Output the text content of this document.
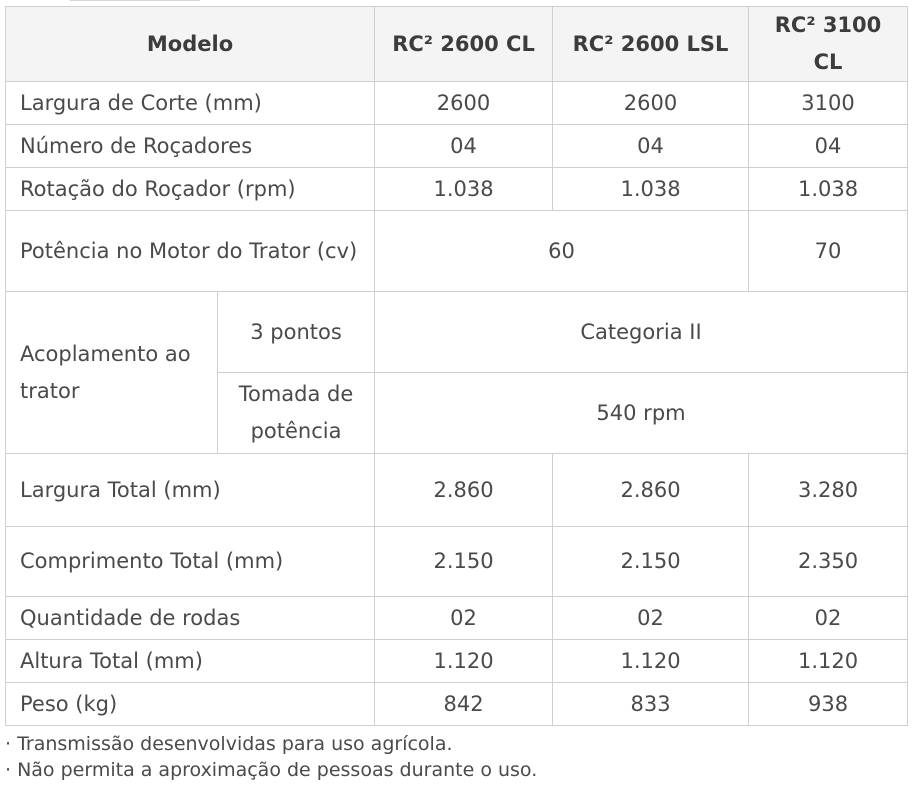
Modelo		RC² 2600 CL	RC² 2600 LSL	RC² 3100 CL
Largura de Corte (mm)		2600	2600	3100
Número de Roçadores		04	04	04
Rotação do Roçador (rpm)		1.038	1.038	1.038
Potência no Motor do Trator (cv)		60		70
Acoplamento ao trator	3 pontos	Categoria II		
	Tomada de potência	540 rpm		
Largura Total (mm)		2.860	2.860	3.280
Comprimento Total (mm)		2.150	2.150	2.350
Quantidade de rodas		02	02	02
Altura Total (mm)		1.120	1.120	1.120
Peso (kg)		842	833	938
· Transmissão desenvolvidas para uso agrícola.
· Não permita a aproximação de pessoas durante o uso.
